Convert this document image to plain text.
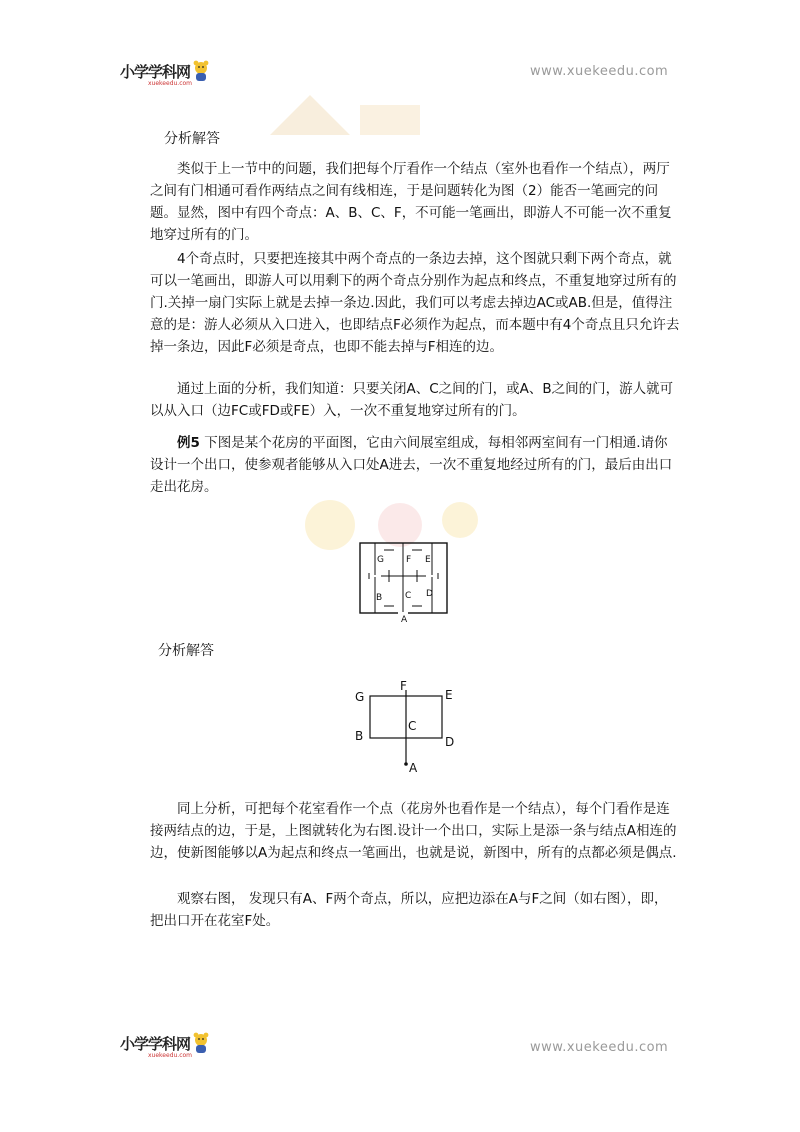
小学学科网
xuekeedu.com
www.xuekeedu.com
分析解答

类似于上一节中的问题，我们把每个厅看作一个结点（室外也看作一个结点），两厅之间有门相通可看作两结点之间有线相连，于是问题转化为图（2）能否一笔画完的问题。显然，图中有四个奇点：A、B、C、F，不可能一笔画出，即游人不可能一次不重复地穿过所有的门。

4个奇点时，只要把连接其中两个奇点的一条边去掉，这个图就只剩下两个奇点，就可以一笔画出，即游人可以用剩下的两个奇点分别作为起点和终点，不重复地穿过所有的门.关掉一扇门实际上就是去掉一条边.因此，我们可以考虑去掉边AC或AB.但是，值得注意的是：游人必须从入口进入，也即结点F必须作为起点，而本题中有4个奇点且只允许去掉一条边，因此F必须是奇点，也即不能去掉与F相连的边。

通过上面的分析，我们知道：只要关闭A、C之间的门，或A、B之间的门，游人就可以从入口（边FC或FD或FE）入，一次不重复地穿过所有的门。

例5 下图是某个花房的平面图，它由六间展室组成，每相邻两室间有一门相通.请你设计一个出口，使参观者能够从入口处A进去，一次不重复地经过所有的门，最后由出口走出花房。

G F E
B	C D
A
分析解答
G
F
E
B
C
D
A

同上分析，可把每个花室看作一个点（花房外也看作是一个结点），每个门看作是连接两结点的边，于是，上图就转化为右图.设计一个出口，实际上是添一条与结点A相连的边，使新图能够以A为起点和终点一笔画出，也就是说，新图中，所有的点都必须是偶点.

观察右图， 发现只有A、F两个奇点，所以，应把边添在A与F之间（如右图），即，把出口开在花室F处。

小学学科网
xuekeedu.com
www.xuekeedu.com
